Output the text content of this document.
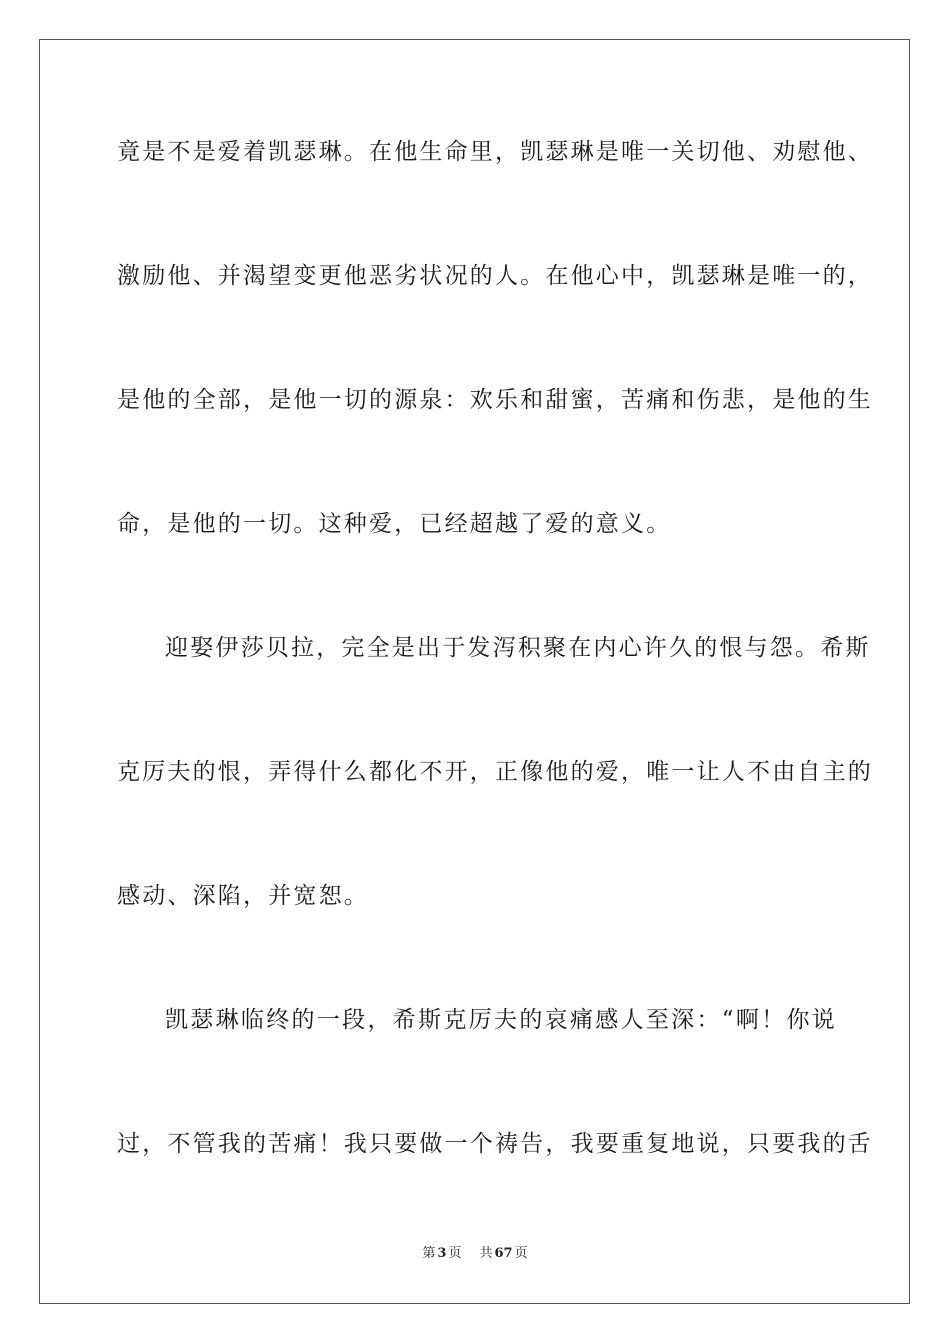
竟是不是爱着凯瑟琳。在他生命里，凯瑟琳是唯一关切他、劝慰他、
激励他、并渴望变更他恶劣状况的人。在他心中，凯瑟琳是唯一的，
是他的全部，是他一切的源泉：欢乐和甜蜜，苦痛和伤悲，是他的生
命，是他的一切。这种爱，已经超越了爱的意义。
迎娶伊莎贝拉，完全是出于发泻积聚在内心许久的恨与怨。希斯
克厉夫的恨，弄得什么都化不开，正像他的爱，唯一让人不由自主的
感动、深陷，并宽恕。
凯瑟琳临终的一段，希斯克厉夫的哀痛感人至深：“啊！你说
过，不管我的苦痛！我只要做一个祷告，我要重复地说，只要我的舌
第 3 页 共 67 页
